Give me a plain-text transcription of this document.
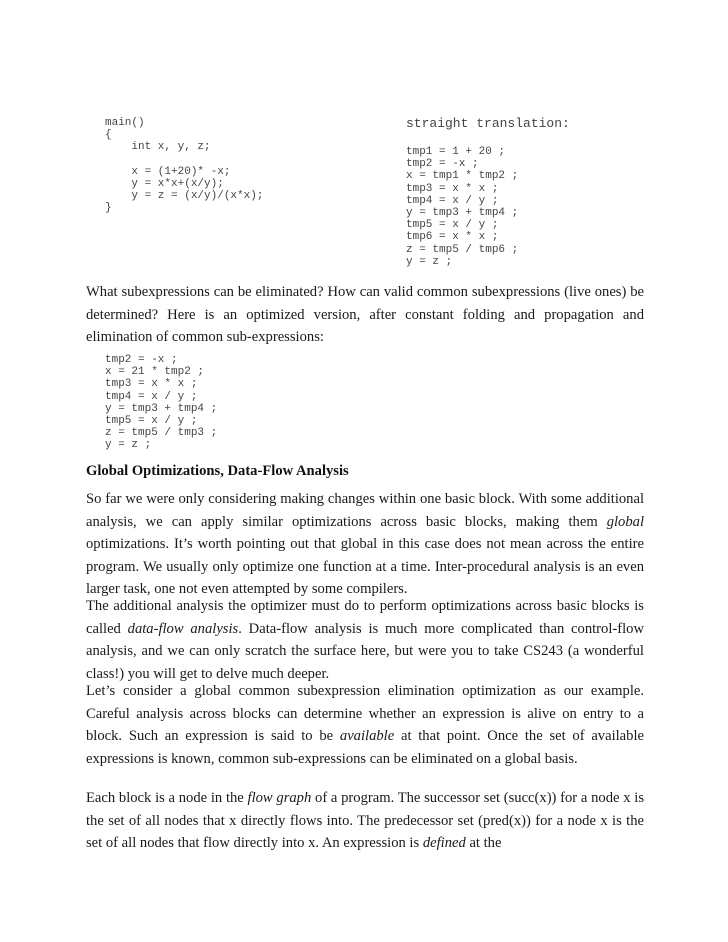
main()
{
int x, y, z;

x = (1+20)* -x;
y = x*x+(x/y);
y = z = (x/y)/(x*x);
}
straight translation:
tmp1 = 1 + 20 ;
tmp2 = -x ;
x = tmp1 * tmp2 ;
tmp3 = x * x ;
tmp4 = x / y ;
y = tmp3 + tmp4 ;
tmp5 = x / y ;
tmp6 = x * x ;
z = tmp5 / tmp6 ;
y = z ;

What subexpressions can be eliminated? How can valid common subexpressions (live ones) be determined? Here is an optimized version, after constant folding and propagation and elimination of common sub-expressions:

tmp2 = -x ;
x = 21 * tmp2 ;
tmp3 = x * x ;
tmp4 = x / y ;
y = tmp3 + tmp4 ;
tmp5 = x / y ;
z = tmp5 / tmp3 ;
y = z ;
Global Optimizations, Data-Flow Analysis

So far we were only considering making changes within one basic block. With some additional analysis, we can apply similar optimizations across basic blocks, making them global optimizations. It’s worth pointing out that global in this case does not mean across the entire program. We usually only optimize one function at a time. Inter-procedural analysis is an even larger task, one not even attempted by some compilers.

The additional analysis the optimizer must do to perform optimizations across basic blocks is called data-flow analysis. Data-flow analysis is much more complicated than control-flow analysis, and we can only scratch the surface here, but were you to take CS243 (a wonderful class!) you will get to delve much deeper.

Let’s consider a global common subexpression elimination optimization as our example. Careful analysis across blocks can determine whether an expression is alive on entry to a block. Such an expression is said to be available at that point. Once the set of available expressions is known, common sub-expressions can be eliminated on a global basis.

Each block is a node in the flow graph of a program. The successor set (succ(x)) for a node x is the set of all nodes that x directly flows into. The predecessor set (pred(x)) for a node x is the set of all nodes that flow directly into x. An expression is defined at the
